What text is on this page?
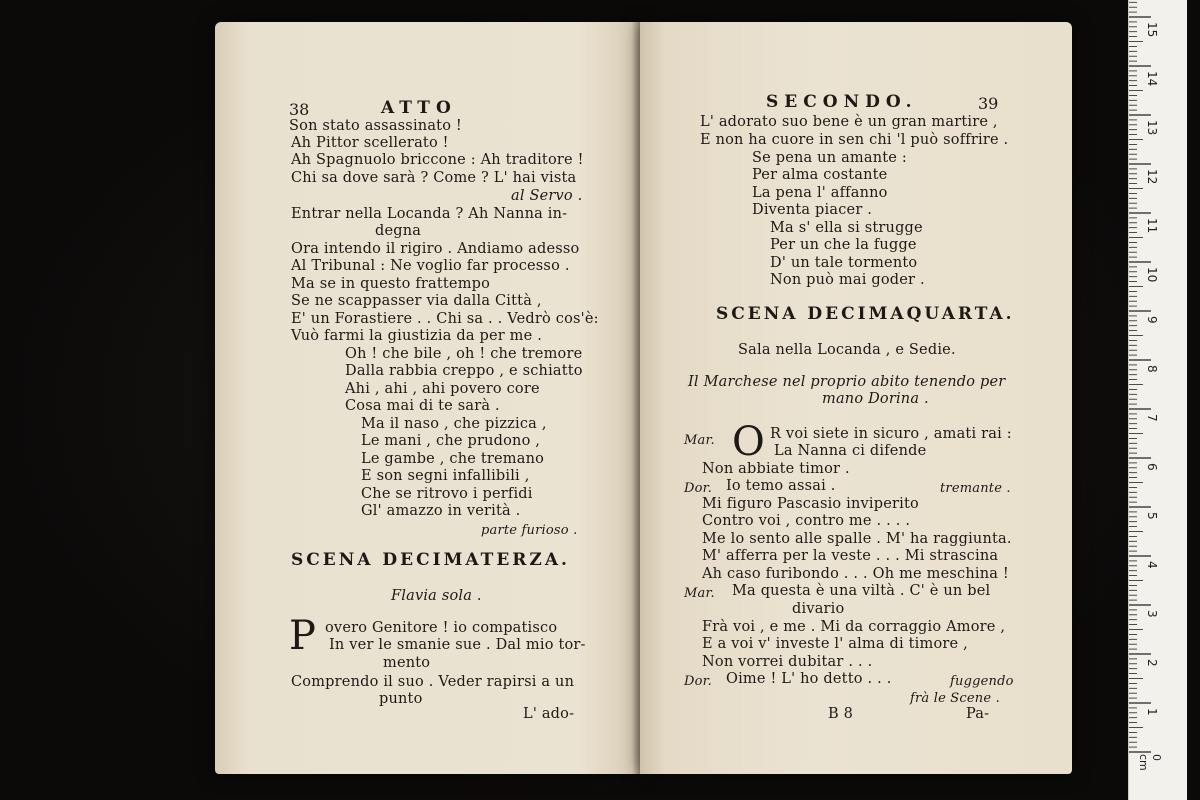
38	ATTO
Son stato assassinato !
Ah Pittor scellerato !
Ah Spagnuolo briccone : Ah traditore !
Chi sa dove sarà ? Come ? L' hai vista
al Servo .
Entrar nella Locanda ? Ah Nanna in-
degna
Ora intendo il rigiro . Andiamo adesso
Al Tribunal : Ne voglio far processo .
Ma se in questo frattempo
Se ne scappasser via dalla Città ,
E' un Forastiere . . Chi sa . . Vedrò cos'è:
Vuò farmi la giustizia da per me .
Oh ! che bile , oh ! che tremore
Dalla rabbia creppo , e schiatto
Ahi , ahi , ahi povero core
Cosa mai di te sarà .
Ma il naso , che pizzica ,
Le mani , che prudono ,
Le gambe , che tremano
E son segni infallibili ,
Che se ritrovo i perfidi
Gl' amazzo in verità .
parte furioso .
SCENA DECIMATERZA.
Flavia sola .
P overo Genitore ! io compatisco
In ver le smanie sue . Dal mio tor-
mento
Comprendo il suo . Veder rapirsi a un
punto
L' ado-
SECONDO.	39
L' adorato suo bene è un gran martire ,
E non ha cuore in sen chi 'l può soffrire .
Se pena un amante :
Per alma costante
La pena l' affanno
Diventa piacer .
Ma s' ella si strugge
Per un che la fugge
D' un tale tormento
Non può mai goder .
SCENA DECIMAQUARTA.
Sala nella Locanda , e Sedie.
Il Marchese nel proprio abito tenendo per
mano Dorina .
Mar. O R voi siete in sicuro , amati rai :
La Nanna ci difende
Non abbiate timor .
Dor. Io temo assai .	tremante .
Mi figuro Pascasio inviperito
Contro voi , contro me . . . .
Me lo sento alle spalle . M' ha raggiunta.
M' afferra per la veste . . . Mi strascina
Ah caso furibondo . . . Oh me meschina !
Mar. Ma questa è una viltà . C' è un bel
divario
Frà voi , e me . Mi da corraggio Amore ,
E a voi v' investe l' alma di timore ,
Non vorrei dubitar . . .
Dor. Oime ! L' ho detto . . .	fuggendo
frà le Scene .
B 8	Pa-
15
14
13
12
11
10
9
8
7
6
5
4
3
2
1
0 cm
